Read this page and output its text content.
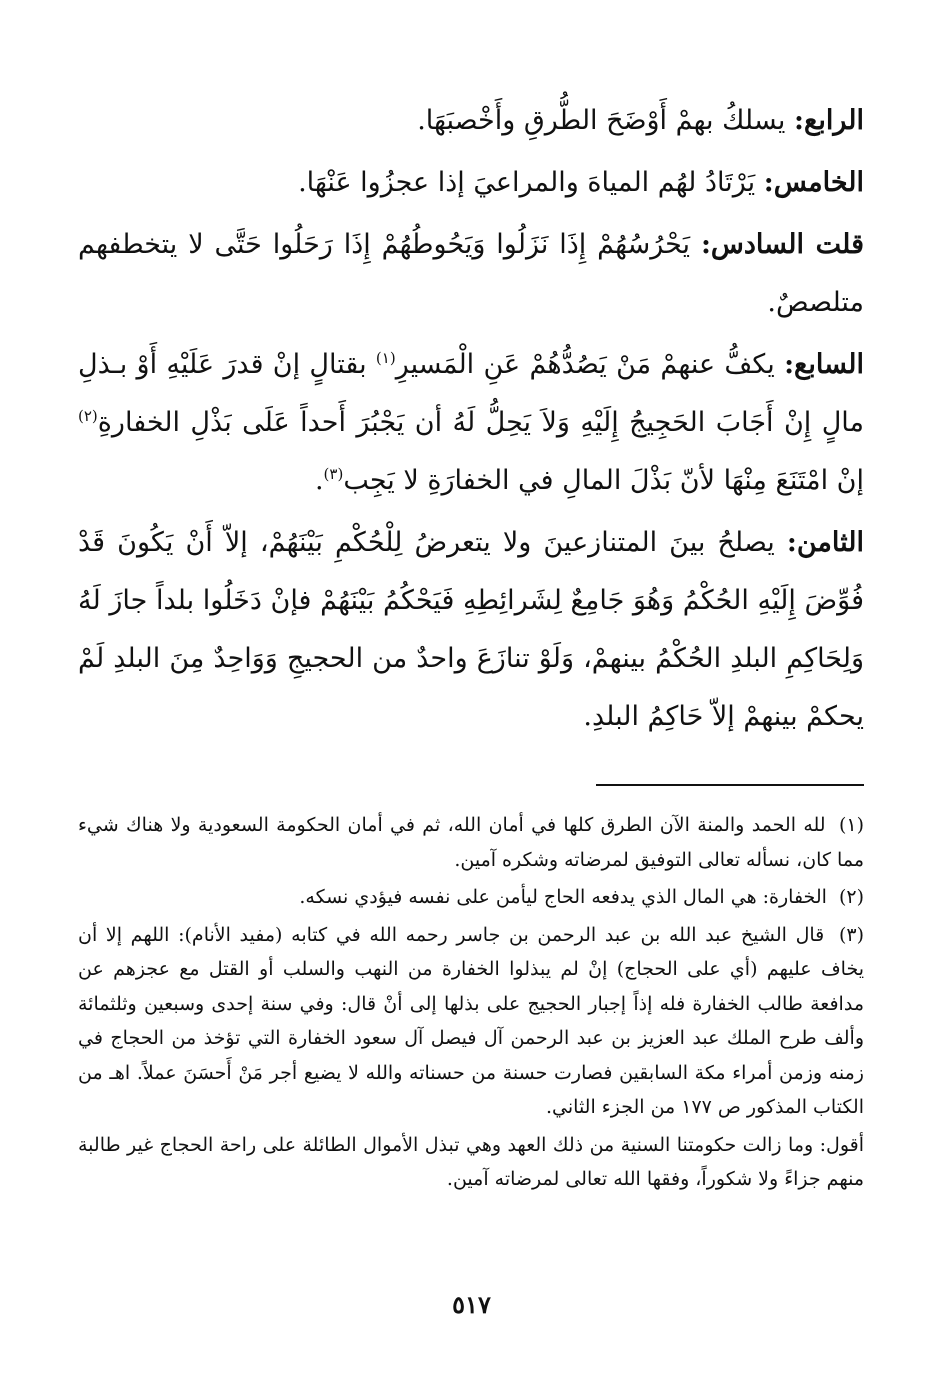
الرابع: يسلكُ بهمْ أَوْضَحَ الطُّرقِ وأَخْصبَهَا.

الخامس: يَرْتَادُ لهُم المياهَ والمراعيَ إذا عجزُوا عَنْهَا.

قلت السادس: يَحْرُسُهُمْ إِذَا نَزَلُوا وَيَحُوطُهُمْ إِذَا رَحَلُوا حَتَّى لا يتخطفهم متلصصٌ.

السابع: يكفُّ عنهمْ مَنْ يَصُدُّهُمْ عَنِ الْمَسيرِ$^{(١)}$ بقتالٍ إنْ قدرَ عَلَيْهِ أَوْ بـذلِ مالٍ إِنْ أَجَابَ الحَجِيجُ إِلَيْهِ وَلاَ يَحِلُّ لَهُ أن يَجْبُرَ أَحداً عَلَى بَذْلِ الخفارةِ$^{(٢)}$ إنْ امْتَنَعَ مِنْهَا لأنّ بَذْلَ المالِ في الخفارَةِ لا يَجِب$^{(٣)}$.

الثامن: يصلحُ بينَ المتنازعينَ ولا يتعرضُ لِلْحُكْمِ بَيْنَهُمْ، إلاّ أَنْ يَكُونَ قَدْ فُوِّضَ إِلَيْهِ الحُكْمُ وَهُوَ جَامِعٌ لِشَرائِطِهِ فَيَحْكُمُ بَيْنَهُمْ فإنْ دَخَلُوا بلداً جازَ لَهُ وَلِحَاكِمِ البلدِ الحُكْمُ بينهمْ، وَلَوْ تنازَعَ واحدٌ من الحجيجِ وَوَاحِدٌ مِنَ البلدِ لَمْ يحكمْ بينهمْ إلاّ حَاكِمُ البلدِ.

(١) لله الحمد والمنة الآن الطرق كلها في أمان الله، ثم في أمان الحكومة السعودية ولا هناك شيء مما كان، نسأله تعالى التوفيق لمرضاته وشكره آمين.

(٢) الخفارة: هي المال الذي يدفعه الحاج ليأمن على نفسه فيؤدي نسكه.

(٣) قال الشيخ عبد الله بن عبد الرحمن بن جاسر رحمه الله في كتابه (مفيد الأنام): اللهم إلا أن يخاف عليهم (أي على الحجاج) إنْ لم يبذلوا الخفارة من النهب والسلب أو القتل مع عجزهم عن مدافعة طالب الخفارة فله إذاً إجبار الحجيج على بذلها إلى أنْ قال: وفي سنة إحدى وسبعين وثلثمائة وألف طرح الملك عبد العزيز بن عبد الرحمن آل فيصل آل سعود الخفارة التي تؤخذ من الحجاج في زمنه وزمن أمراء مكة السابقين فصارت حسنة من حسناته والله لا يضيع أجر مَنْ أَحسَنَ عملاً. اهـ من الكتاب المذكور ص ١٧٧ من الجزء الثاني.

أقول: وما زالت حكومتنا السنية من ذلك العهد وهي تبذل الأموال الطائلة على راحة الحجاج غير طالبة منهم جزاءً ولا شكوراً، وفقها الله تعالى لمرضاته آمين.

٥١٧
